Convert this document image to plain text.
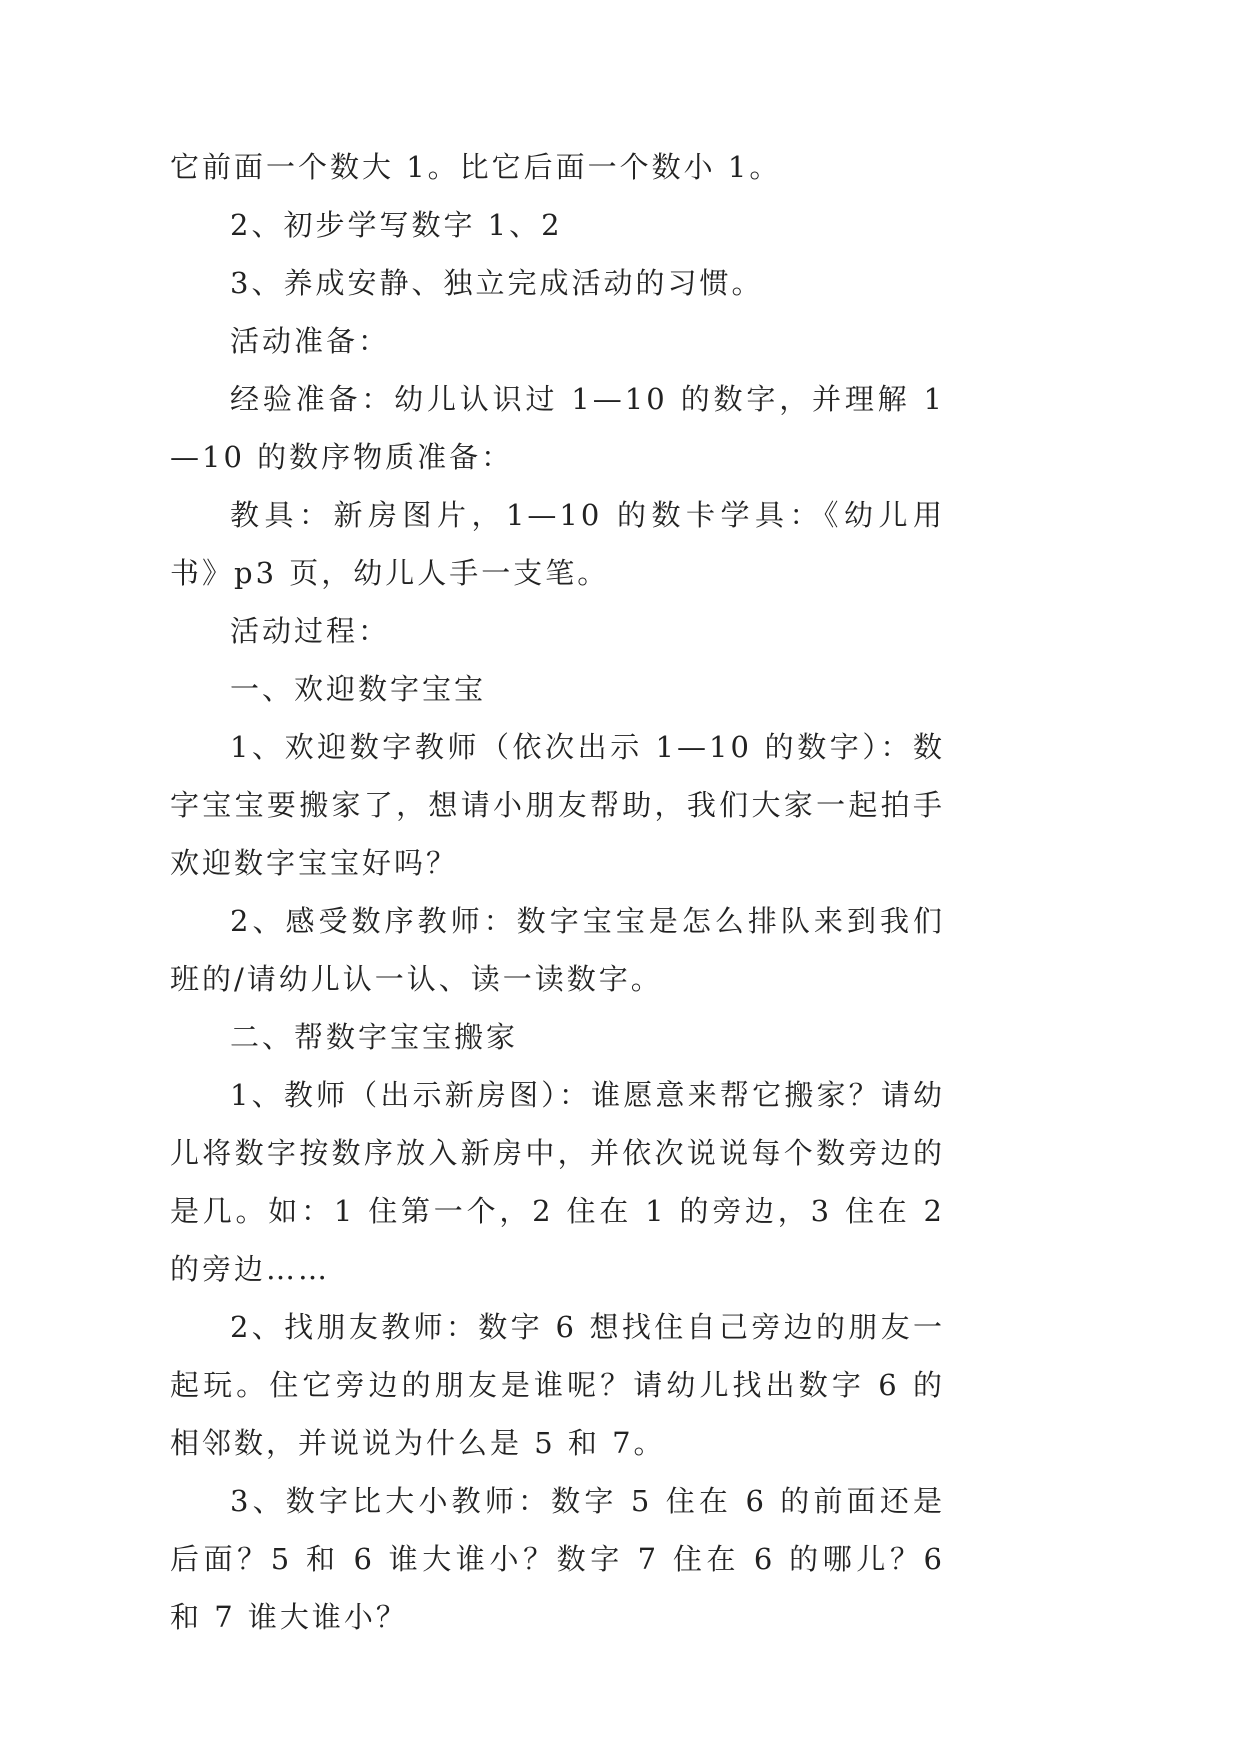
它前面一个数大 1。比它后面一个数小 1。

2、初步学写数字 1、2

3、养成安静、独立完成活动的习惯。

活动准备：

经验准备：幼儿认识过 1—10 的数字，并理解 1—10 的数序物质准备：

教具：新房图片，1—10 的数卡学具：《幼儿用书》p3 页，幼儿人手一支笔。

活动过程：

一、欢迎数字宝宝

1、欢迎数字教师（依次出示 1—10 的数字）：数字宝宝要搬家了，想请小朋友帮助，我们大家一起拍手欢迎数字宝宝好吗？

2、感受数序教师：数字宝宝是怎么排队来到我们班的/请幼儿认一认、读一读数字。

二、帮数字宝宝搬家

1、教师（出示新房图）：谁愿意来帮它搬家？请幼儿将数字按数序放入新房中，并依次说说每个数旁边的是几。如：1 住第一个，2 住在 1 的旁边，3 住在 2 的旁边……

2、找朋友教师：数字 6 想找住自己旁边的朋友一起玩。住它旁边的朋友是谁呢？请幼儿找出数字 6 的相邻数，并说说为什么是 5 和 7。

3、数字比大小教师：数字 5 住在 6 的前面还是后面？5 和 6 谁大谁小？数字 7 住在 6 的哪儿？6 和 7 谁大谁小？
